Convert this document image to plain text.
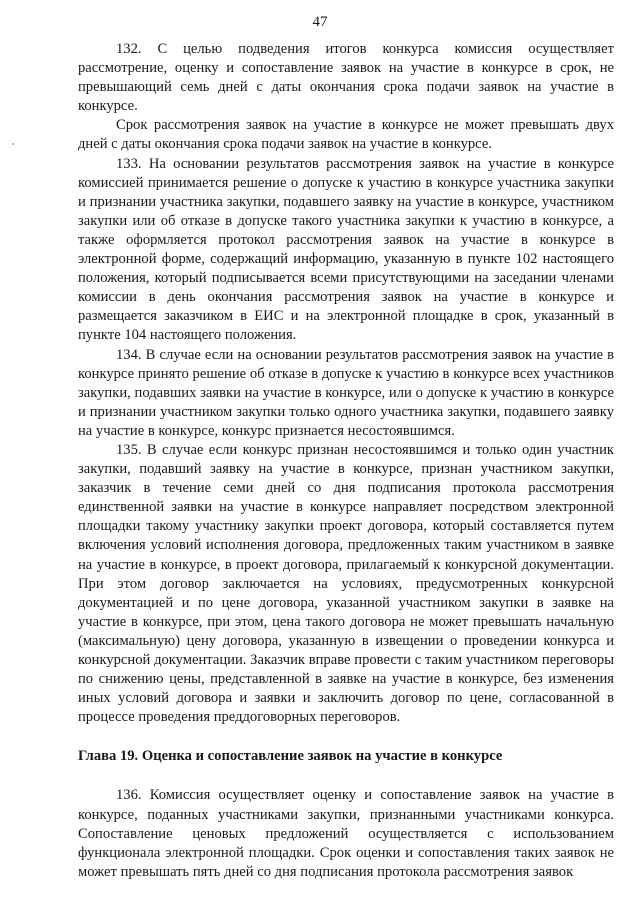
47

132. С целью подведения итогов конкурса комиссия осуществляет рассмотрение, оценку и сопоставление заявок на участие в конкурсе в срок, не превышающий семь дней с даты окончания срока подачи заявок на участие в конкурсе.

Срок рассмотрения заявок на участие в конкурсе не может превышать двух дней с даты окончания срока подачи заявок на участие в конкурсе.

133. На основании результатов рассмотрения заявок на участие в конкурсе комиссией принимается решение о допуске к участию в конкурсе участника закупки и признании участника закупки, подавшего заявку на участие в конкурсе, участником закупки или об отказе в допуске такого участника закупки к участию в конкурсе, а также оформляется протокол рассмотрения заявок на участие в конкурсе в электронной форме, содержащий информацию, указанную в пункте 102 настоящего положения, который подписывается всеми присутствующими на заседании членами комиссии в день окончания рассмотрения заявок на участие в конкурсе и размещается заказчиком в ЕИС и на электронной площадке в срок, указанный в пункте 104 настоящего положения.

134. В случае если на основании результатов рассмотрения заявок на участие в конкурсе принято решение об отказе в допуске к участию в конкурсе всех участников закупки, подавших заявки на участие в конкурсе, или о допуске к участию в конкурсе и признании участником закупки только одного участника закупки, подавшего заявку на участие в конкурсе, конкурс признается несостоявшимся.

135. В случае если конкурс признан несостоявшимся и только один участник закупки, подавший заявку на участие в конкурсе, признан участником закупки, заказчик в течение семи дней со дня подписания протокола рассмотрения единственной заявки на участие в конкурсе направляет посредством электронной площадки такому участнику закупки проект договора, который составляется путем включения условий исполнения договора, предложенных таким участником в заявке на участие в конкурсе, в проект договора, прилагаемый к конкурсной документации. При этом договор заключается на условиях, предусмотренных конкурсной документацией и по цене договора, указанной участником закупки в заявке на участие в конкурсе, при этом, цена такого договора не может превышать начальную (максимальную) цену договора, указанную в извещении о проведении конкурса и конкурсной документации. Заказчик вправе провести с таким участником переговоры по снижению цены, представленной в заявке на участие в конкурсе, без изменения иных условий договора и заявки и заключить договор по цене, согласованной в процессе проведения преддоговорных переговоров.

Глава 19. Оценка и сопоставление заявок на участие в конкурсе

136. Комиссия осуществляет оценку и сопоставление заявок на участие в конкурсе, поданных участниками закупки, признанными участниками конкурса. Сопоставление ценовых предложений осуществляется с использованием функционала электронной площадки. Срок оценки и сопоставления таких заявок не может превышать пять дней со дня подписания протокола рассмотрения заявок
